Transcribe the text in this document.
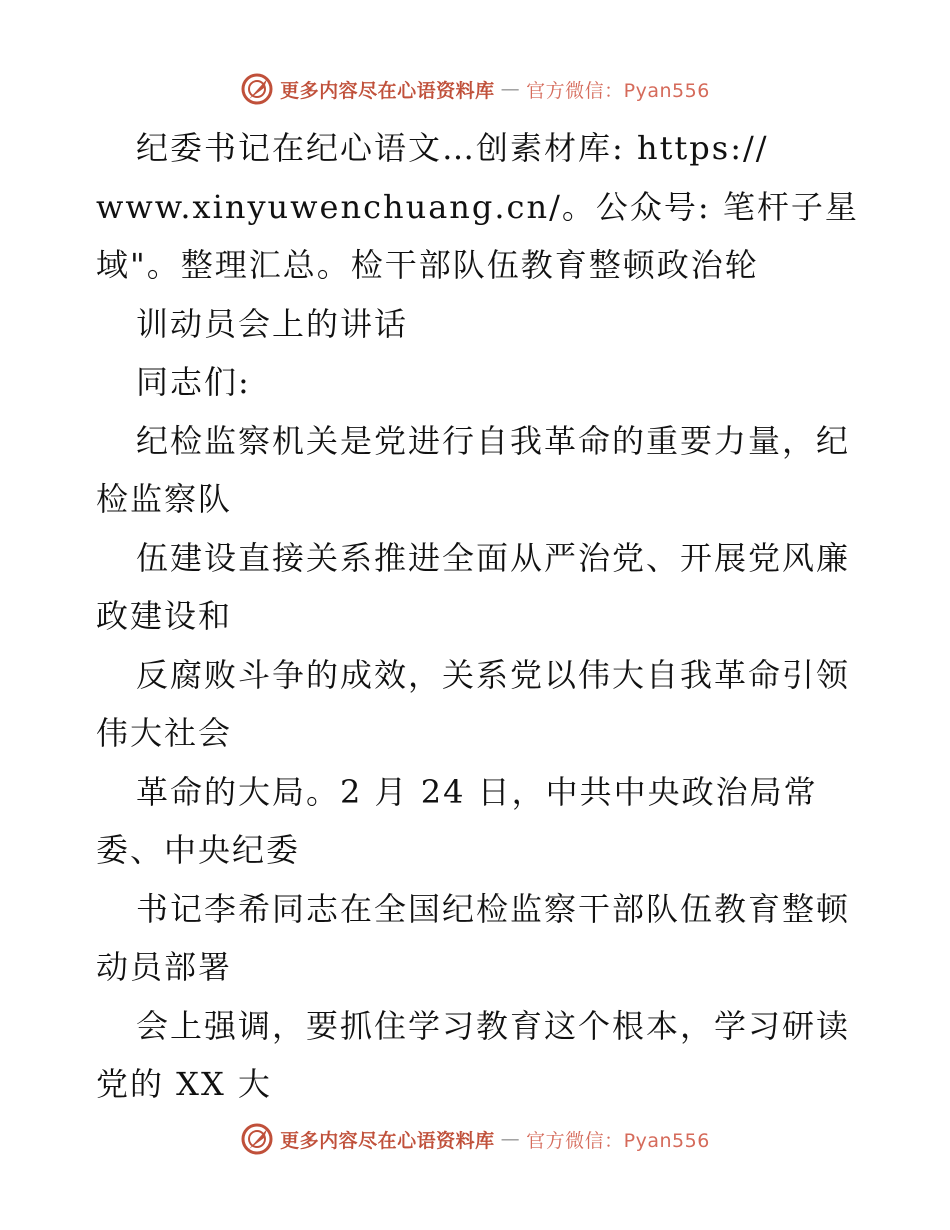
更多内容尽在心语资料库 — 官方微信：Pyan556
纪委书记在纪心语文…创素材库: https://
www.xinyuwenchuang.cn/。公众号: 笔杆子星
域"。整理汇总。检干部队伍教育整顿政治轮
训动员会上的讲话
同志们:
纪检监察机关是党进行自我革命的重要力量，纪
检监察队
伍建设直接关系推进全面从严治党、开展党风廉
政建设和
反腐败斗争的成效，关系党以伟大自我革命引领
伟大社会
革命的大局。2 月 24 日，中共中央政治局常
委、中央纪委
书记李希同志在全国纪检监察干部队伍教育整顿
动员部署
会上强调，要抓住学习教育这个根本，学习研读
党的 XX 大
更多内容尽在心语资料库 — 官方微信：Pyan556
